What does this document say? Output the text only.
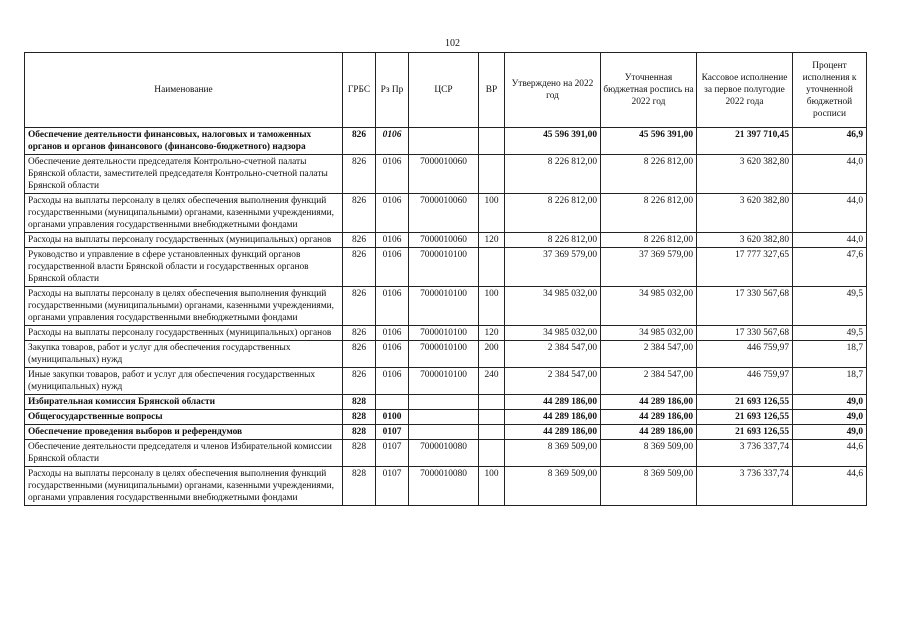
102
Наименование	ГРБС	Рз Пр	ЦСР	ВР	Утверждено на 2022 год	Уточненная бюджетная роспись на 2022 год	Кассовое исполнение за первое полугодие 2022 года	Процент исполнения к уточненной бюджетной росписи
Обеспечение деятельности финансовых, налоговых и таможенных органов и органов финансового (финансово-бюджетного) надзора	826	0106			45 596 391,00	45 596 391,00	21 397 710,45	46,9
Обеспечение деятельности председателя Контрольно-счетной палаты Брянской области, заместителей председателя Контрольно-счетной палаты Брянской области	826	0106	7000010060		8 226 812,00	8 226 812,00	3 620 382,80	44,0
Расходы на выплаты персоналу в целях обеспечения выполнения функций государственными (муниципальными) органами, казенными учреждениями, органами управления государственными внебюджетными фондами	826	0106	7000010060	100	8 226 812,00	8 226 812,00	3 620 382,80	44,0
Расходы на выплаты персоналу государственных (муниципальных) органов	826	0106	7000010060	120	8 226 812,00	8 226 812,00	3 620 382,80	44,0
Руководство и управление в сфере установленных функций органов государственной власти Брянской области и государственных органов Брянской области	826	0106	7000010100		37 369 579,00	37 369 579,00	17 777 327,65	47,6
Расходы на выплаты персоналу в целях обеспечения выполнения функций государственными (муниципальными) органами, казенными учреждениями, органами управления государственными внебюджетными фондами	826	0106	7000010100	100	34 985 032,00	34 985 032,00	17 330 567,68	49,5
Расходы на выплаты персоналу государственных (муниципальных) органов	826	0106	7000010100	120	34 985 032,00	34 985 032,00	17 330 567,68	49,5
Закупка товаров, работ и услуг для обеспечения государственных (муниципальных) нужд	826	0106	7000010100	200	2 384 547,00	2 384 547,00	446 759,97	18,7
Иные закупки товаров, работ и услуг для обеспечения государственных (муниципальных) нужд	826	0106	7000010100	240	2 384 547,00	2 384 547,00	446 759,97	18,7
Избирательная комиссия Брянской области	828				44 289 186,00	44 289 186,00	21 693 126,55	49,0
Общегосударственные вопросы	828	0100			44 289 186,00	44 289 186,00	21 693 126,55	49,0
Обеспечение проведения выборов и референдумов	828	0107			44 289 186,00	44 289 186,00	21 693 126,55	49,0
Обеспечение деятельности председателя и членов Избирательной комиссии Брянской области	828	0107	7000010080		8 369 509,00	8 369 509,00	3 736 337,74	44,6
Расходы на выплаты персоналу в целях обеспечения выполнения функций государственными (муниципальными) органами, казенными учреждениями, органами управления государственными внебюджетными фондами	828	0107	7000010080	100	8 369 509,00	8 369 509,00	3 736 337,74	44,6
